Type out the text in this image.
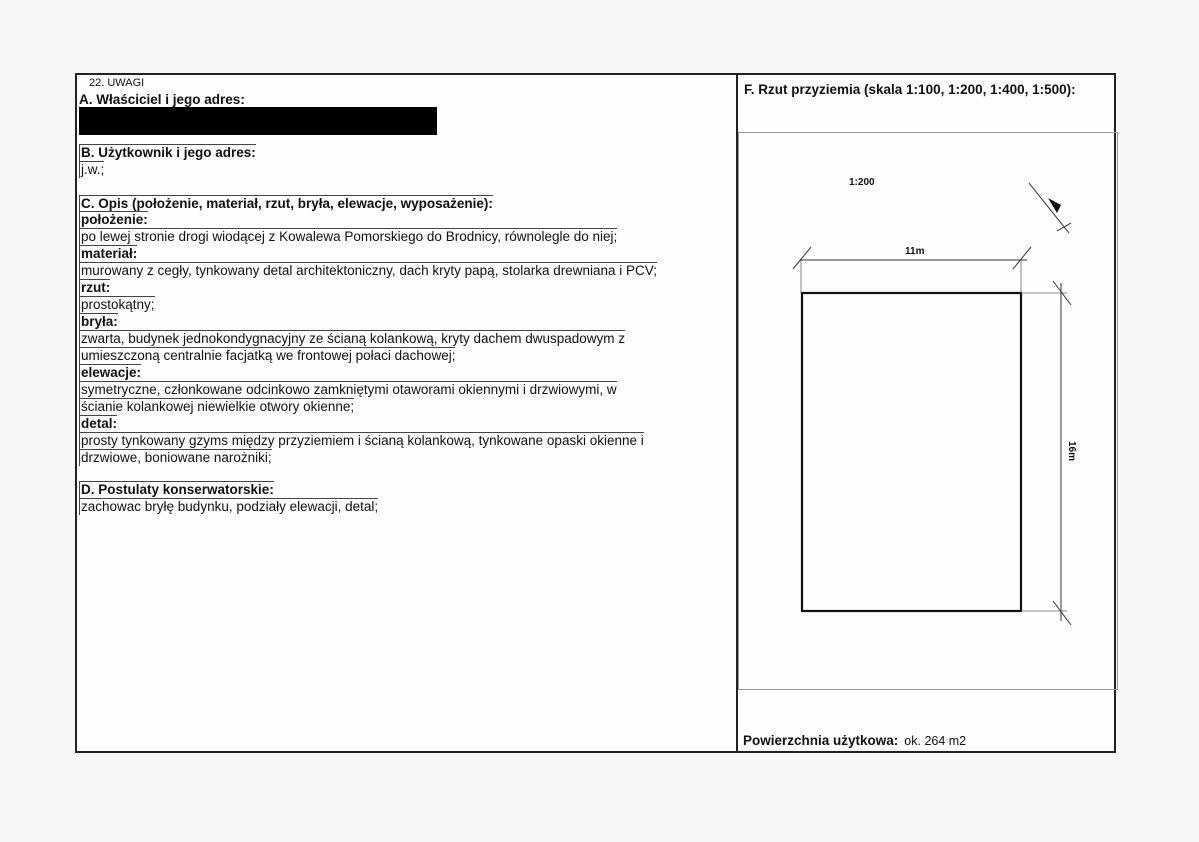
22. UWAGI
A. Właściciel i jego adres:
B. Użytkownik i jego adres:
j.w.;
C. Opis (położenie, materiał, rzut, bryła, elewacje, wyposażenie):
położenie:
po lewej stronie drogi wiodącej z Kowalewa Pomorskiego do Brodnicy, równolegle do niej;
materiał:
murowany z cegły, tynkowany detal architektoniczny, dach kryty papą, stolarka drewniana i PCV;
rzut:
prostokątny;
bryła:
zwarta, budynek jednokondygnacyjny ze ścianą kolankową, kryty dachem dwuspadowym z
umieszczoną centralnie facjatką we frontowej połaci dachowej;
elewacje:
symetryczne, członkowane odcinkowo zamkniętymi otaworami okiennymi i drzwiowymi, w
ścianie kolankowej niewielkie otwory okienne;
detal:
prosty tynkowany gzyms między przyziemiem i ścianą kolankową, tynkowane opaski okienne i
drzwiowe, boniowane narożniki;
D. Postulaty konserwatorskie:
zachowac bryłę budynku, podziały elewacji, detal;
F. Rzut przyziemia (skala 1:100, 1:200, 1:400, 1:500):
1:200
11m
16m
Powierzchnia użytkowa: ok. 264 m2
